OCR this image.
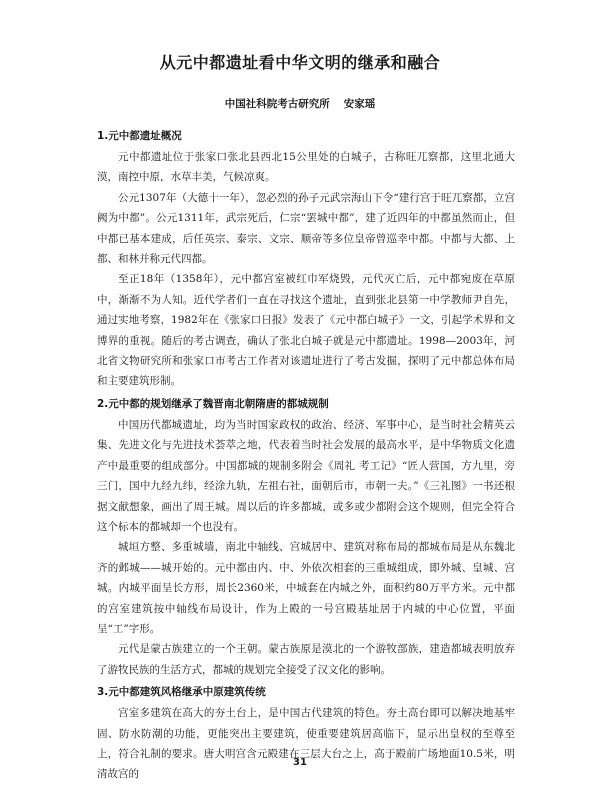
从元中都遗址看中华文明的继承和融合
中国社科院考古研究所 安家瑶

1.元中都遗址概况

元中都遗址位于张家口张北县西北15公里处的白城子，古称旺兀察都，这里北通大漠，南控中原，水草丰美，气候凉爽。

公元1307年（大德十一年），忽必烈的孙子元武宗海山下令“建行宫于旺兀察都，立宫阙为中都”。公元1311年，武宗死后，仁宗“罢城中都”，建了近四年的中都虽然而止，但中都已基本建成，后任英宗、泰宗、文宗、顺帝等多位皇帝曾巡幸中都。中都与大都、上都、和林并称元代四都。

至正18年（1358年），元中都宫室被红巾军烧毁，元代灭亡后，元中都宛废在草原中，渐渐不为人知。近代学者们一直在寻找这个遗址，直到张北县第一中学教师尹自先，通过实地考察，1982年在《张家口日报》发表了《元中都白城子》一文，引起学术界和文博界的重视。随后的考古调查，确认了张北白城子就是元中都遗址。1998—2003年，河北省文物研究所和张家口市考古工作者对该遗址进行了考古发掘，探明了元中都总体布局和主要建筑形制。

2.元中都的规划继承了魏晋南北朝隋唐的都城规制

中国历代都城遗址，均为当时国家政权的政治、经济、军事中心，是当时社会精英云集、先进文化与先进技术荟萃之地，代表着当时社会发展的最高水平，是中华物质文化遗产中最重要的组成部分。中国都城的规制多附会《周礼 考工记》“匠人营国，方九里，旁三门，国中九经九纬，经涂九轨，左祖右社，面朝后市，市朝一夫。”《三礼图》一书还根据文献想象，画出了周王城。周以后的许多都城，或多或少都附会这个规则，但完全符合这个标本的都城却一个也没有。

城垣方整、多重城墙，南北中轴线、宫城居中、建筑对称布局的都城布局是从东魏北齐的邺城——城开始的。元中都由内、中、外依次相套的三重城组成，即外城、皇城、宫城。内城平面呈长方形，周长2360米，中城套在内城之外，面积约80万平方米。元中都的宫室建筑按中轴线布局设计，作为上殿的一号宫殿基址居于内城的中心位置，平面呈“工”字形。

元代是蒙古族建立的一个王朝。蒙古族原是漠北的一个游牧部族，建造都城表明放弃了游牧民族的生活方式，都城的规划完全接受了汉文化的影响。

3.元中都建筑风格继承中原建筑传统

宫室多建筑在高大的夯土台上，是中国古代建筑的特色。夯土高台即可以解决地基牢固、防水防潮的功能，更能突出主要建筑，使重要建筑居高临下，显示出皇权的至尊至上，符合礼制的要求。唐大明宫含元殿建在三层大台之上，高于殿前广场地面10.5米，明清故宫的

31
